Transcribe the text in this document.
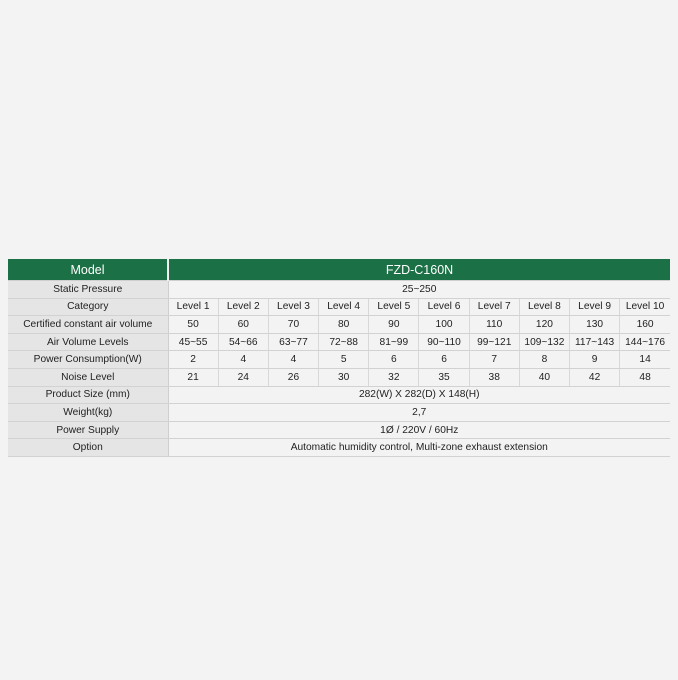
Model	FZD-C160N									
Static Pressure	25~250									
Category	Level 1	Level 2	Level 3	Level 4	Level 5	Level 6	Level 7	Level 8	Level 9	Level 10
Certified constant air volume	50	60	70	80	90	100	110	120	130	160
Air Volume Levels	45~55	54~66	63~77	72~88	81~99	90~110	99~121	109~132	117~143	144~176
Power Consumption(W)	2	4	4	5	6	6	7	8	9	14
Noise Level	21	24	26	30	32	35	38	40	42	48
Product Size (mm)	282(W) X 282(D) X 148(H)									
Weight(kg)	2,7									
Power Supply	1Ø / 220V / 60Hz									
Option	Automatic humidity control, Multi-zone exhaust extension									
